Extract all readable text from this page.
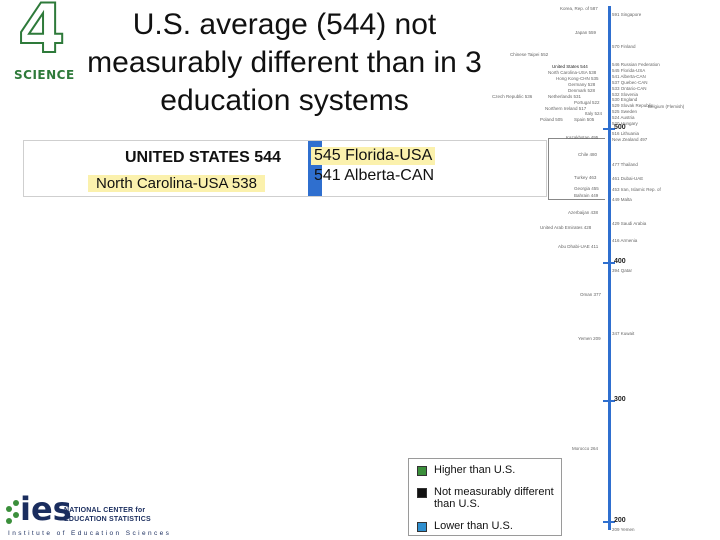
4
SCIENCE
U.S. average (544) not measurably different than in 3 education systems
UNITED STATES 544
North Carolina-USA 538
545 Florida-USA
541 Alberta-CAN
500
400
300
200
Korea, Rep. of 587
Japan 559
Chinese Taipei 552
United States 544
North Carolina-USA 538
Hong Kong-CHN 535
Germany 528
Denmark 528
Czech Republic 536	Netherlands 531
Portugal 522
Northern Ireland 517
Italy 524
Poland 505 Spain 505
Kazakhstan 495
Chile 480
Turkey 463
Georgia 455
Bahrain 449
Azerbaijan 438
United Arab Emirates 428
Abu Dhabi-UAE 411
Oman 377
Yemen 209
Morocco 264
591 Singapore
570 Finland
546 Russian Federation
545 Florida-USA
541 Alberta-CAN
537 Quebec-CAN
533 Ontario-CAN
532 Slovenia
530 England
529 Slovak Republic
525 Sweden
524 Austria
520 Hungary
516 Lithuania
Belgium (Flemish)
New Zealand 497
477 Thailand
461 Dubai-UAE
453 Iran, Islamic Rep. of
449 Malta
429 Saudi Arabia
416 Armenia
394 Qatar
347 Kuwait
209 Yemen
Higher than U.S.
Not measurably different than U.S.
Lower than U.S.
ies
NATIONAL CENTER for
EDUCATION STATISTICS
Institute of Education Sciences
